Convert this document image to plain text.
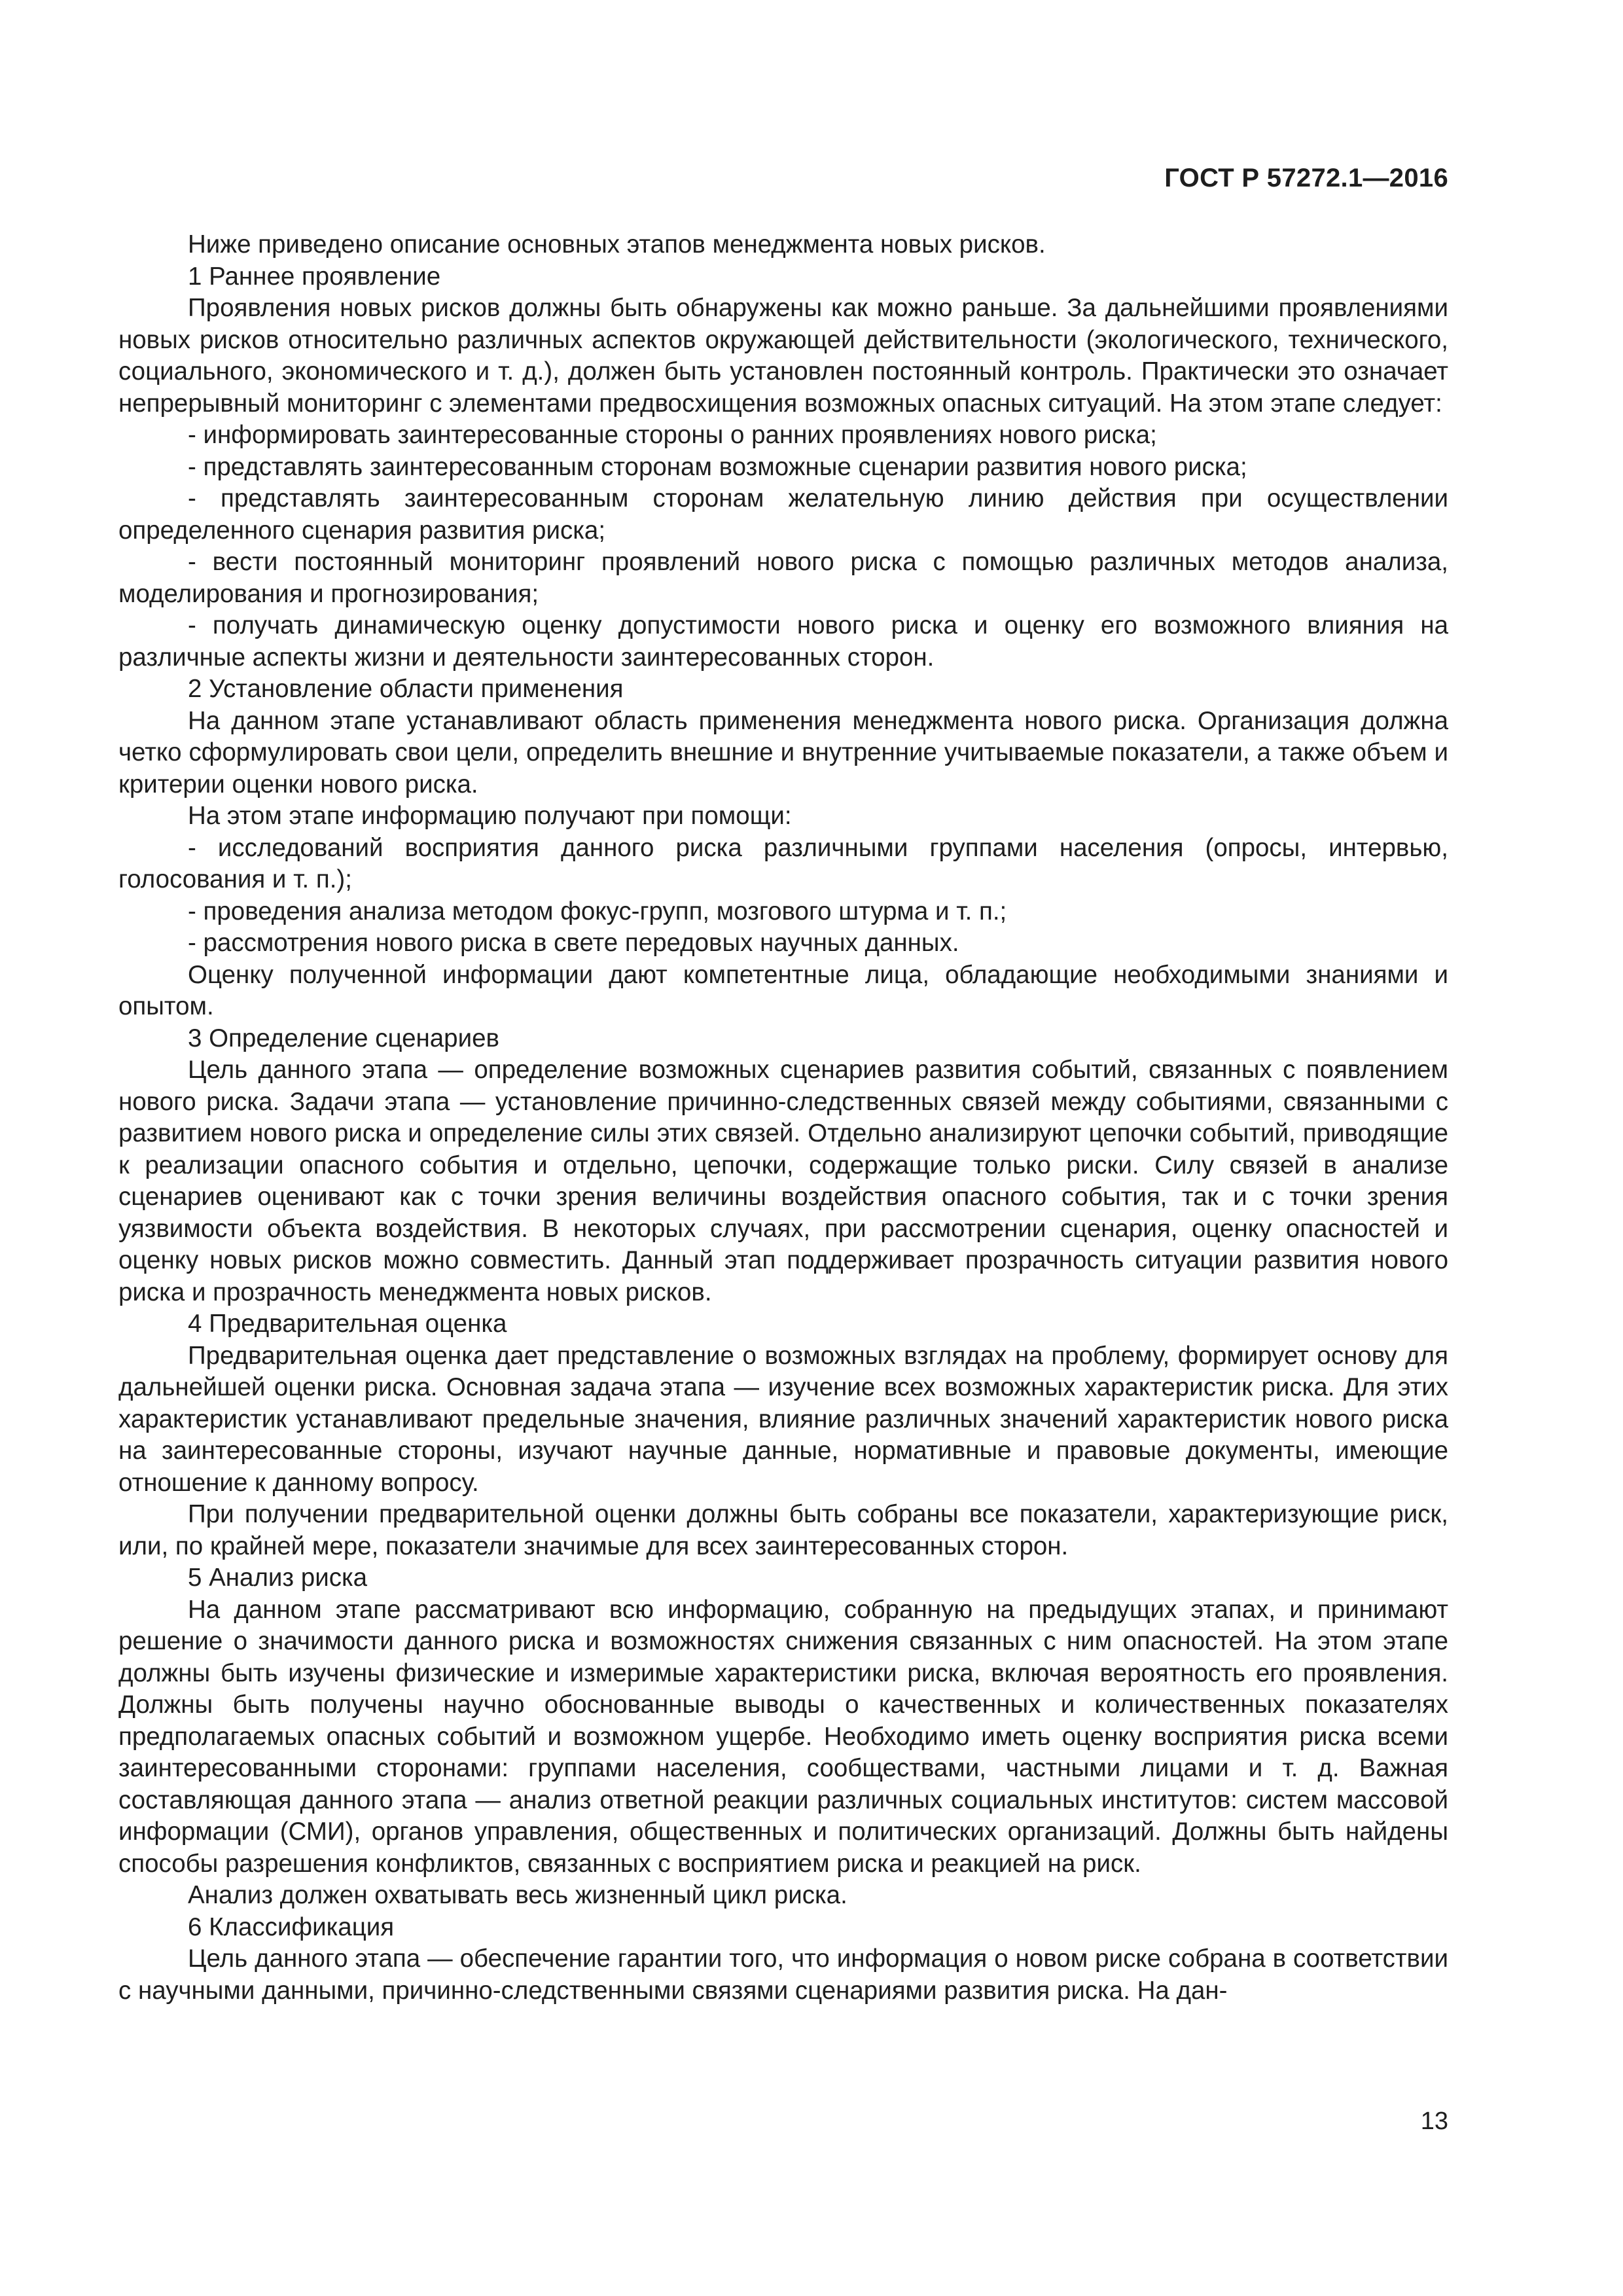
ГОСТ Р 57272.1—2016

Ниже приведено описание основных этапов менеджмента новых рисков.

1 Раннее проявление

Проявления новых рисков должны быть обнаружены как можно раньше. За дальнейшими проявлениями новых рисков относительно различных аспектов окружающей действительности (экологического, технического, социального, экономического и т. д.), должен быть установлен постоянный контроль. Практически это означает непрерывный мониторинг с элементами предвосхищения возможных опасных ситуаций. На этом этапе следует:

- информировать заинтересованные стороны о ранних проявлениях нового риска;

- представлять заинтересованным сторонам возможные сценарии развития нового риска;

- представлять заинтересованным сторонам желательную линию действия при осуществлении определенного сценария развития риска;

- вести постоянный мониторинг проявлений нового риска с помощью различных методов анализа, моделирования и прогнозирования;

- получать динамическую оценку допустимости нового риска и оценку его возможного влияния на различные аспекты жизни и деятельности заинтересованных сторон.

2 Установление области применения

На данном этапе устанавливают область применения менеджмента нового риска. Организация должна четко сформулировать свои цели, определить внешние и внутренние учитываемые показатели, а также объем и критерии оценки нового риска.

На этом этапе информацию получают при помощи:

- исследований восприятия данного риска различными группами населения (опросы, интервью, голосования и т. п.);

- проведения анализа методом фокус-групп, мозгового штурма и т. п.;

- рассмотрения нового риска в свете передовых научных данных.

Оценку полученной информации дают компетентные лица, обладающие необходимыми знаниями и опытом.

3 Определение сценариев

Цель данного этапа — определение возможных сценариев развития событий, связанных с появлением нового риска. Задачи этапа — установление причинно-следственных связей между событиями, связанными с развитием нового риска и определение силы этих связей. Отдельно анализируют цепочки событий, приводящие к реализации опасного события и отдельно, цепочки, содержащие только риски. Силу связей в анализе сценариев оценивают как с точки зрения величины воздействия опасного события, так и с точки зрения уязвимости объекта воздействия. В некоторых случаях, при рассмотрении сценария, оценку опасностей и оценку новых рисков можно совместить. Данный этап поддерживает прозрачность ситуации развития нового риска и прозрачность менеджмента новых рисков.

4 Предварительная оценка

Предварительная оценка дает представление о возможных взглядах на проблему, формирует основу для дальнейшей оценки риска. Основная задача этапа — изучение всех возможных характеристик риска. Для этих характеристик устанавливают предельные значения, влияние различных значений характеристик нового риска на заинтересованные стороны, изучают научные данные, нормативные и правовые документы, имеющие отношение к данному вопросу.

При получении предварительной оценки должны быть собраны все показатели, характеризующие риск, или, по крайней мере, показатели значимые для всех заинтересованных сторон.

5 Анализ риска

На данном этапе рассматривают всю информацию, собранную на предыдущих этапах, и принимают решение о значимости данного риска и возможностях снижения связанных с ним опасностей. На этом этапе должны быть изучены физические и измеримые характеристики риска, включая вероятность его проявления. Должны быть получены научно обоснованные выводы о качественных и количественных показателях предполагаемых опасных событий и возможном ущербе. Необходимо иметь оценку восприятия риска всеми заинтересованными сторонами: группами населения, сообществами, частными лицами и т. д. Важная составляющая данного этапа — анализ ответной реакции различных социальных институтов: систем массовой информации (СМИ), органов управления, общественных и политических организаций. Должны быть найдены способы разрешения конфликтов, связанных с восприятием риска и реакцией на риск.

Анализ должен охватывать весь жизненный цикл риска.

6 Классификация

Цель данного этапа — обеспечение гарантии того, что информация о новом риске собрана в соответствии с научными данными, причинно-следственными связями сценариями развития риска. На дан-

13
